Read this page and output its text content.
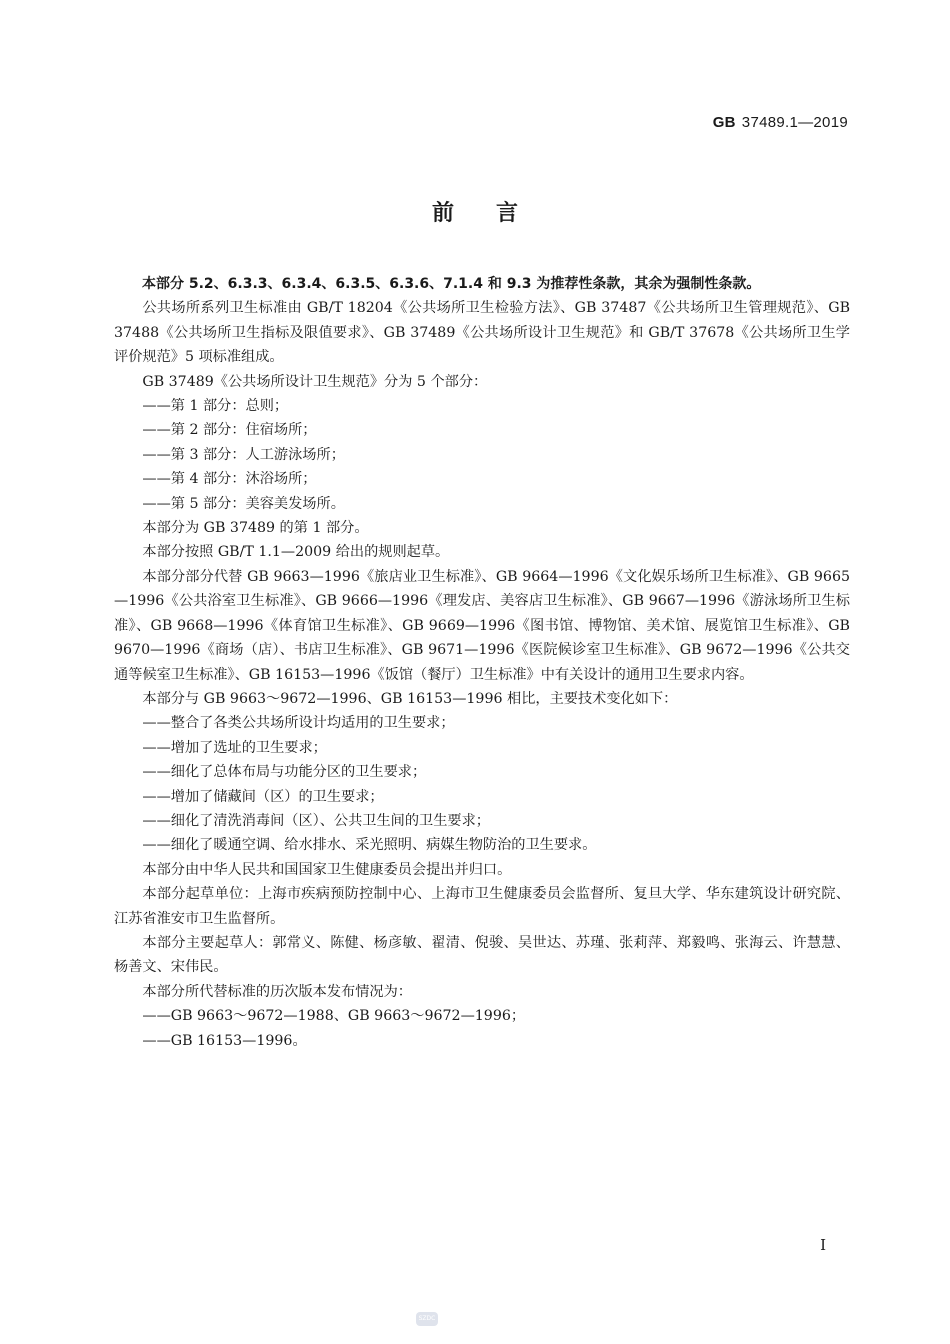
GB 37489.1—2019
前言

本部分 5.2、6.3.3、6.3.4、6.3.5、6.3.6、7.1.4 和 9.3 为推荐性条款，其余为强制性条款。

公共场所系列卫生标准由 GB/T 18204《公共场所卫生检验方法》、GB 37487《公共场所卫生管理规范》、GB 37488《公共场所卫生指标及限值要求》、GB 37489《公共场所设计卫生规范》和 GB/T 37678《公共场所卫生学评价规范》5 项标准组成。

GB 37489《公共场所设计卫生规范》分为 5 个部分：

——第 1 部分：总则；

——第 2 部分：住宿场所；

——第 3 部分：人工游泳场所；

——第 4 部分：沐浴场所；

——第 5 部分：美容美发场所。

本部分为 GB 37489 的第 1 部分。

本部分按照 GB/T 1.1—2009 给出的规则起草。

本部分部分代替 GB 9663—1996《旅店业卫生标准》、GB 9664—1996《文化娱乐场所卫生标准》、GB 9665—1996《公共浴室卫生标准》、GB 9666—1996《理发店、美容店卫生标准》、GB 9667—1996《游泳场所卫生标准》、GB 9668—1996《体育馆卫生标准》、GB 9669—1996《图书馆、博物馆、美术馆、展览馆卫生标准》、GB 9670—1996《商场（店）、书店卫生标准》、GB 9671—1996《医院候诊室卫生标准》、GB 9672—1996《公共交通等候室卫生标准》、GB 16153—1996《饭馆（餐厅）卫生标准》中有关设计的通用卫生要求内容。

本部分与 GB 9663～9672—1996、GB 16153—1996 相比，主要技术变化如下：

——整合了各类公共场所设计均适用的卫生要求；

——增加了选址的卫生要求；

——细化了总体布局与功能分区的卫生要求；

——增加了储藏间（区）的卫生要求；

——细化了清洗消毒间（区）、公共卫生间的卫生要求；

——细化了暖通空调、给水排水、采光照明、病媒生物防治的卫生要求。

本部分由中华人民共和国国家卫生健康委员会提出并归口。

本部分起草单位：上海市疾病预防控制中心、上海市卫生健康委员会监督所、复旦大学、华东建筑设计研究院、江苏省淮安市卫生监督所。

本部分主要起草人：郭常义、陈健、杨彦敏、翟清、倪骏、吴世达、苏瑾、张莉萍、郑毅鸣、张海云、许慧慧、杨善文、宋伟民。

本部分所代替标准的历次版本发布情况为：

——GB 9663～9672—1988、GB 9663～9672—1996；

——GB 16153—1996。

I
SZDC
